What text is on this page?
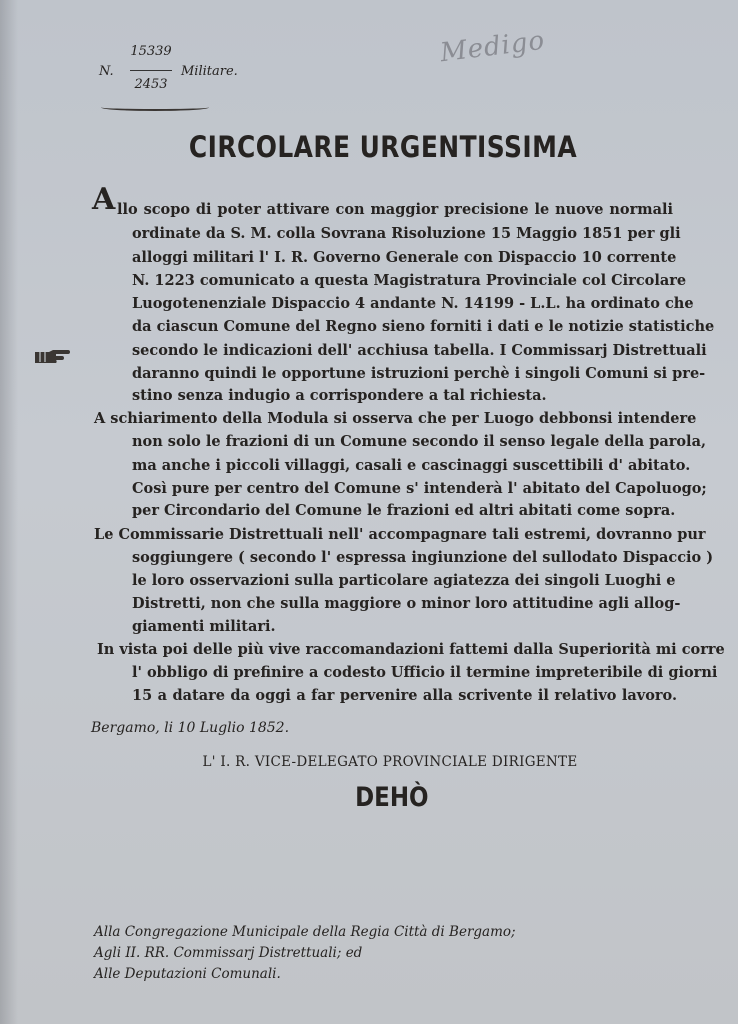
N.
15339
2453
Militare.
Medigo
CIRCOLARE URGENTISSIMA
A llo scopo di poter attivare con maggior precisione le nuove normali
ordinate da S. M. colla Sovrana Risoluzione 15 Maggio 1851 per gli
alloggi militari l' I. R. Governo Generale con Dispaccio 10 corrente
N. 1223 comunicato a questa Magistratura Provinciale col Circolare
Luogotenenziale Dispaccio 4 andante N. 14199 - L.L. ha ordinato che
da ciascun Comune del Regno sieno forniti i dati e le notizie statistiche
secondo le indicazioni dell' acchiusa tabella. I Commissarj Distrettuali
daranno quindi le opportune istruzioni perchè i singoli Comuni si pre-
stino senza indugio a corrispondere a tal richiesta.
A schiarimento della Modula si osserva che per Luogo debbonsi intendere
non solo le frazioni di un Comune secondo il senso legale della parola,
ma anche i piccoli villaggi, casali e cascinaggi suscettibili d' abitato.
Così pure per centro del Comune s' intenderà l' abitato del Capoluogo;
per Circondario del Comune le frazioni ed altri abitati come sopra.
Le Commissarie Distrettuali nell' accompagnare tali estremi, dovranno pur
soggiungere ( secondo l' espressa ingiunzione del sullodato Dispaccio )
le loro osservazioni sulla particolare agiatezza dei singoli Luoghi e
Distretti, non che sulla maggiore o minor loro attitudine agli allog-
giamenti militari.
In vista poi delle più vive raccomandazioni fattemi dalla Superiorità mi corre
l' obbligo di prefinire a codesto Ufficio il termine impreteribile di giorni
15 a datare da oggi a far pervenire alla scrivente il relativo lavoro.
Bergamo, li 10 Luglio 1852.
L' I. R. VICE-DELEGATO PROVINCIALE DIRIGENTE
DEHÒ
Alla Congregazione Municipale della Regia Città di Bergamo;
Agli II. RR. Commissarj Distrettuali; ed
Alle Deputazioni Comunali.
